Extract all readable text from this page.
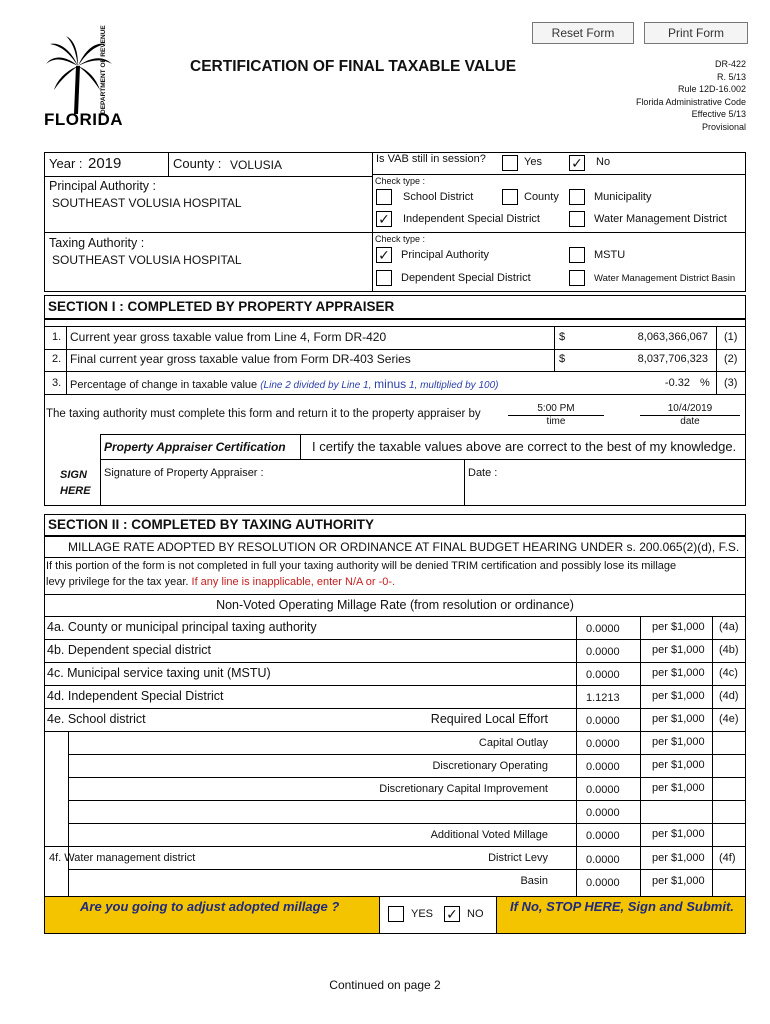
Reset Form	Print Form
DEPARTMENT OF REVENUE
FLORIDA
CERTIFICATION OF FINAL TAXABLE VALUE	DR-422
R. 5/13
Rule 12D-16.002
Florida Administrative Code
Effective 5/13
Provisional
Year : 2019	County : VOLUSIA	Is VAB still in session?	Yes ✓ No
Principal Authority :
SOUTHEAST VOLUSIA HOSPITAL
Taxing Authority :
SOUTHEAST VOLUSIA HOSPITAL
Check type :
School District	County	Municipality
✓ Independent Special District	Water Management District
Check type :
✓ Principal Authority	MSTU
Dependent Special District	Water Management District Basin
SECTION I : COMPLETED BY PROPERTY APPRAISER
1. Current year gross taxable value from Line 4, Form DR-420	$	8,063,366,067 (1)
2. Final current year gross taxable value from Form DR-403 Series	$	8,037,706,323 (2)
3. Percentage of change in taxable value (Line 2 divided by Line 1, minus 1, multiplied by 100)	-0.32 % (3)
The taxing authority must complete this form and return it to the property appraiser by	5:00 PM
time
10/4/2019
date
Property Appraiser Certification I certify the taxable values above are correct to the best of my knowledge.
SIGN
HERE
Signature of Property Appraiser :	Date :
SECTION II : COMPLETED BY TAXING AUTHORITY
MILLAGE RATE ADOPTED BY RESOLUTION OR ORDINANCE AT FINAL BUDGET HEARING UNDER s. 200.065(2)(d), F.S.
If this portion of the form is not completed in full your taxing authority will be denied TRIM certification and possibly lose its millage
levy privilege for the tax year. If any line is inapplicable, enter N/A or -0-.
Non-Voted Operating Millage Rate (from resolution or ordinance)
4a. County or municipal principal taxing authority	0.0000	per $1,000 (4a)
4b. Dependent special district	0.0000	per $1,000 (4b)
4c. Municipal service taxing unit (MSTU)	0.0000	per $1,000 (4c)
4d. Independent Special District	1.1213	per $1,000 (4d)
4e. School district	Required Local Effort	0.0000	per $1,000 (4e)
Capital Outlay	0.0000	per $1,000
Discretionary Operating	0.0000	per $1,000
Discretionary Capital Improvement	0.0000	per $1,000
0.0000
Additional Voted Millage	0.0000	per $1,000
4f. Water management district	District Levy	0.0000	per $1,000 (4f)
Basin	0.0000	per $1,000
Are you going to adjust adopted millage ?	YES ✓ NO If No, STOP HERE, Sign and Submit.
Continued on page 2
